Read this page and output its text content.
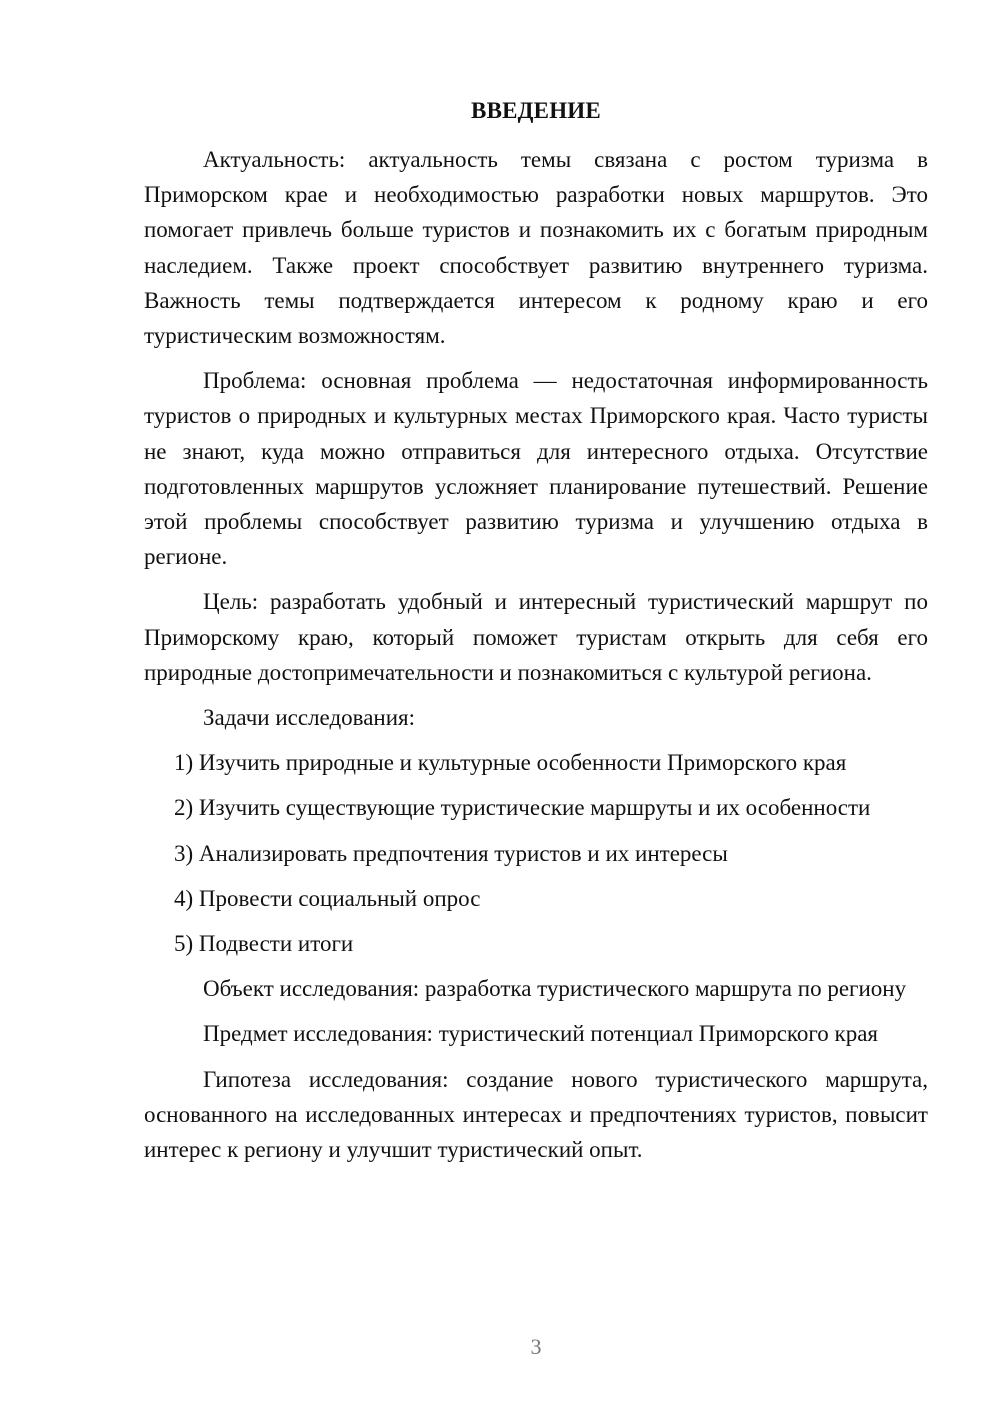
ВВЕДЕНИЕ

Актуальность: актуальность темы связана с ростом туризма в Приморском крае и необходимостью разработки новых маршрутов. Это помогает привлечь больше туристов и познакомить их с богатым природным наследием. Также проект способствует развитию внутреннего туризма. Важность темы подтверждается интересом к родному краю и его туристическим возможностям.

Проблема: основная проблема — недостаточная информированность туристов о природных и культурных местах Приморского края. Часто туристы не знают, куда можно отправиться для интересного отдыха. Отсутствие подготовленных маршрутов усложняет планирование путешествий. Решение этой проблемы способствует развитию туризма и улучшению отдыха в регионе.

Цель: разработать удобный и интересный туристический маршрут по Приморскому краю, который поможет туристам открыть для себя его природные достопримечательности и познакомиться с культурой региона.

Задачи исследования:

1) Изучить природные и культурные особенности Приморского края
2) Изучить существующие туристические маршруты и их особенности
3) Анализировать предпочтения туристов и их интересы
4) Провести социальный опрос
5) Подвести итоги

Объект исследования: разработка туристического маршрута по региону

Предмет исследования: туристический потенциал Приморского края

Гипотеза исследования: создание нового туристического маршрута, основанного на исследованных интересах и предпочтениях туристов, повысит интерес к региону и улучшит туристический опыт.

3
